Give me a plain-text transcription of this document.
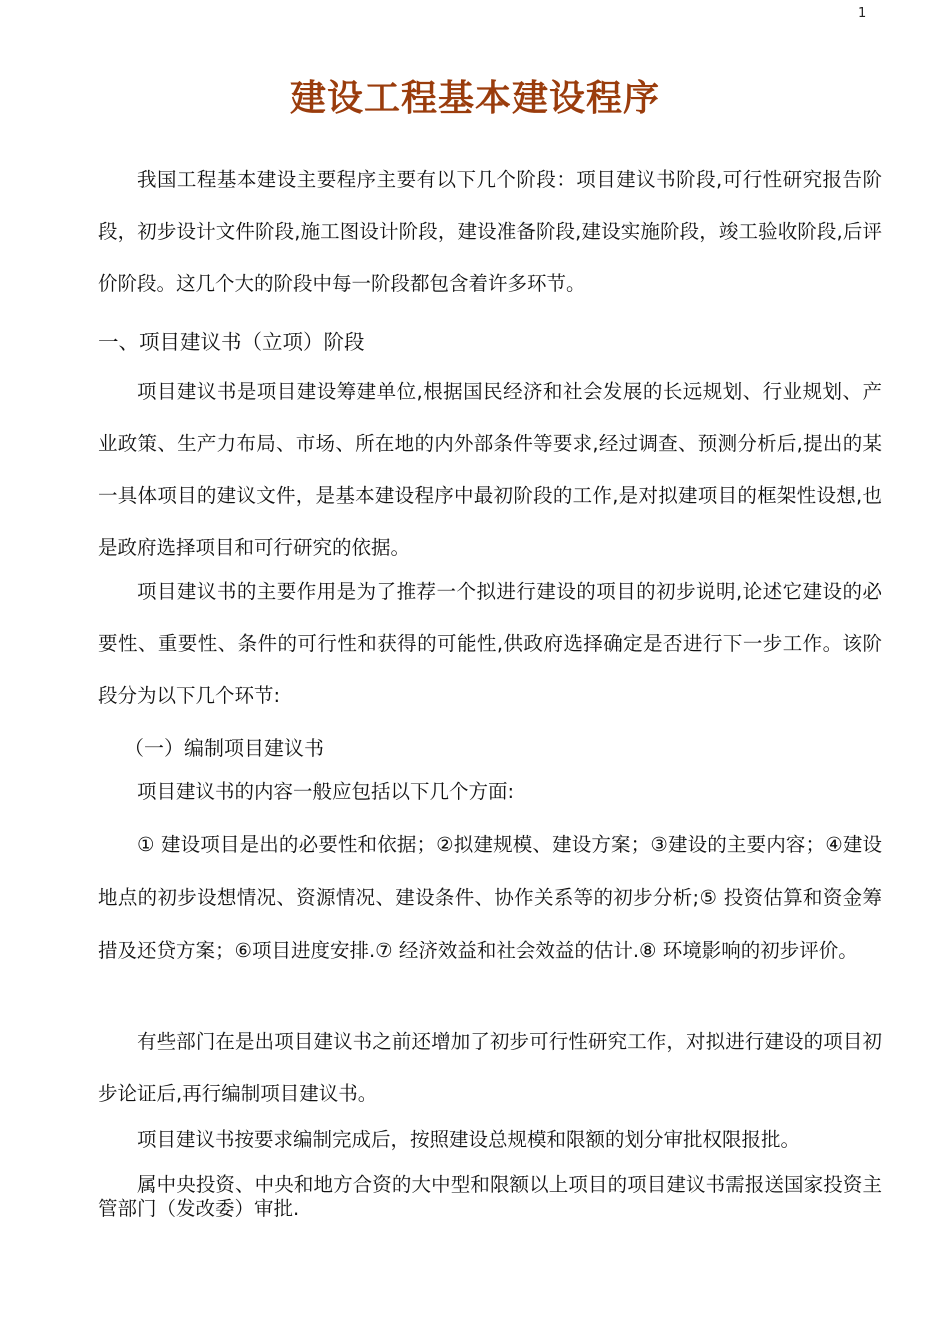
1
建设工程基本建设程序

我国工程基本建设主要程序主要有以下几个阶段：项目建议书阶段,可行性研究报告阶段，初步设计文件阶段,施工图设计阶段，建设准备阶段,建设实施阶段，竣工验收阶段,后评价阶段。这几个大的阶段中每一阶段都包含着许多环节。

一、项目建议书（立项）阶段

项目建议书是项目建设筹建单位,根据国民经济和社会发展的长远规划、行业规划、产业政策、生产力布局、市场、所在地的内外部条件等要求,经过调查、预测分析后,提出的某一具体项目的建议文件，是基本建设程序中最初阶段的工作,是对拟建项目的框架性设想,也是政府选择项目和可行研究的依据。

项目建议书的主要作用是为了推荐一个拟进行建设的项目的初步说明,论述它建设的必要性、重要性、条件的可行性和获得的可能性,供政府选择确定是否进行下一步工作。该阶段分为以下几个环节:

（一）编制项目建议书

项目建议书的内容一般应包括以下几个方面:

① 建设项目是出的必要性和依据；②拟建规模、建设方案；③建设的主要内容；④建设地点的初步设想情况、资源情况、建设条件、协作关系等的初步分析;⑤ 投资估算和资金筹措及还贷方案；⑥项目进度安排.⑦ 经济效益和社会效益的估计.⑧ 环境影响的初步评价。

有些部门在是出项目建议书之前还增加了初步可行性研究工作，对拟进行建设的项目初步论证后,再行编制项目建议书。

项目建议书按要求编制完成后，按照建设总规模和限额的划分审批权限报批。

属中央投资、中央和地方合资的大中型和限额以上项目的项目建议书需报送国家投资主管部门（发改委）审批.
